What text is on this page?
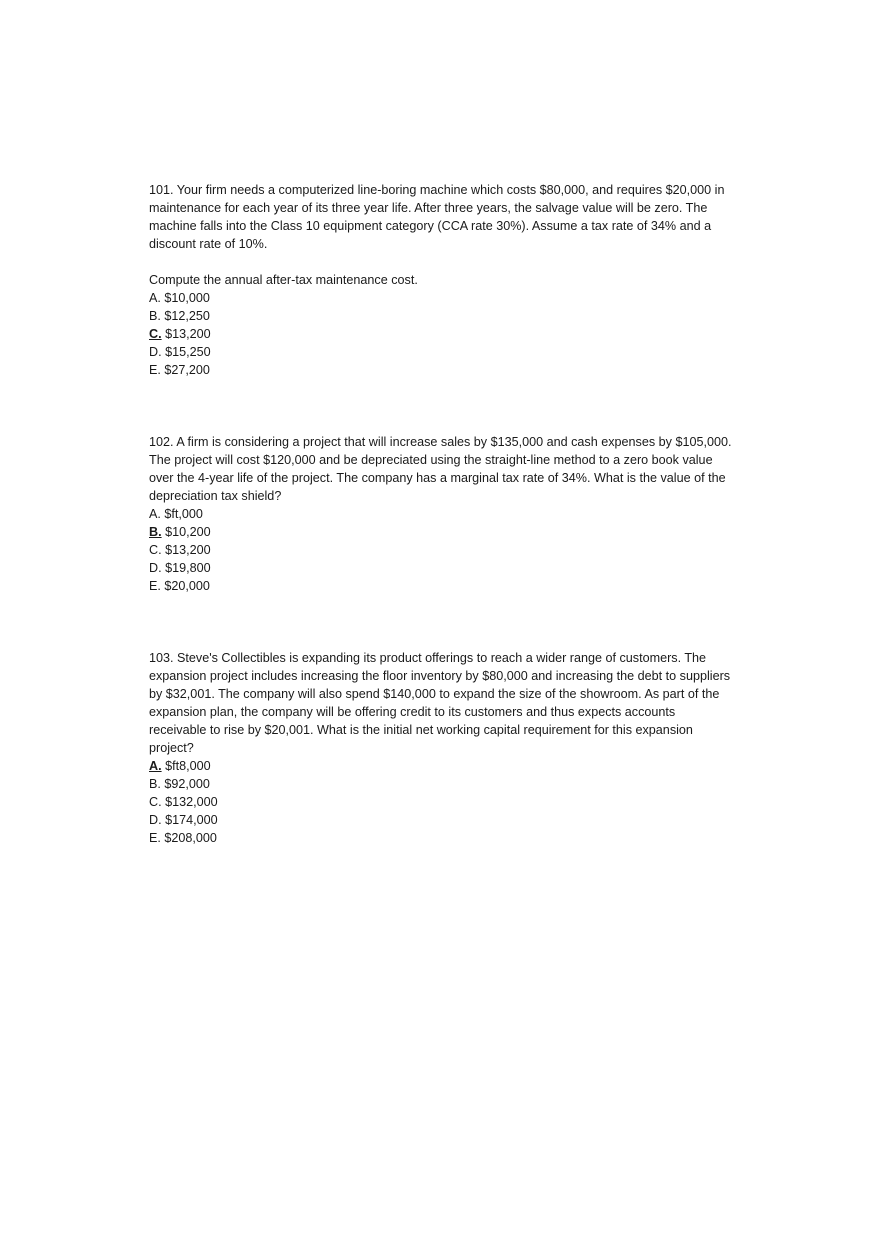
101. Your firm needs a computerized line-boring machine which costs $80,000, and requires $20,000 in maintenance for each year of its three year life. After three years, the salvage value will be zero. The machine falls into the Class 10 equipment category (CCA rate 30%). Assume a tax rate of 34% and a discount rate of 10%.

Compute the annual after-tax maintenance cost.

A. $10,000
B. $12,250
C. $13,200
D. $15,250
E. $27,200

102. A firm is considering a project that will increase sales by $135,000 and cash expenses by $105,000. The project will cost $120,000 and be depreciated using the straight-line method to a zero book value over the 4-year life of the project. The company has a marginal tax rate of 34%. What is the value of the depreciation tax shield?

A. $ft,000
B. $10,200
C. $13,200
D. $19,800
E. $20,000

103. Steve's Collectibles is expanding its product offerings to reach a wider range of customers. The expansion project includes increasing the floor inventory by $80,000 and increasing the debt to suppliers by $32,001. The company will also spend $140,000 to expand the size of the showroom. As part of the expansion plan, the company will be offering credit to its customers and thus expects accounts receivable to rise by $20,001. What is the initial net working capital requirement for this expansion project?

A. $ft8,000
B. $92,000
C. $132,000
D. $174,000
E. $208,000
